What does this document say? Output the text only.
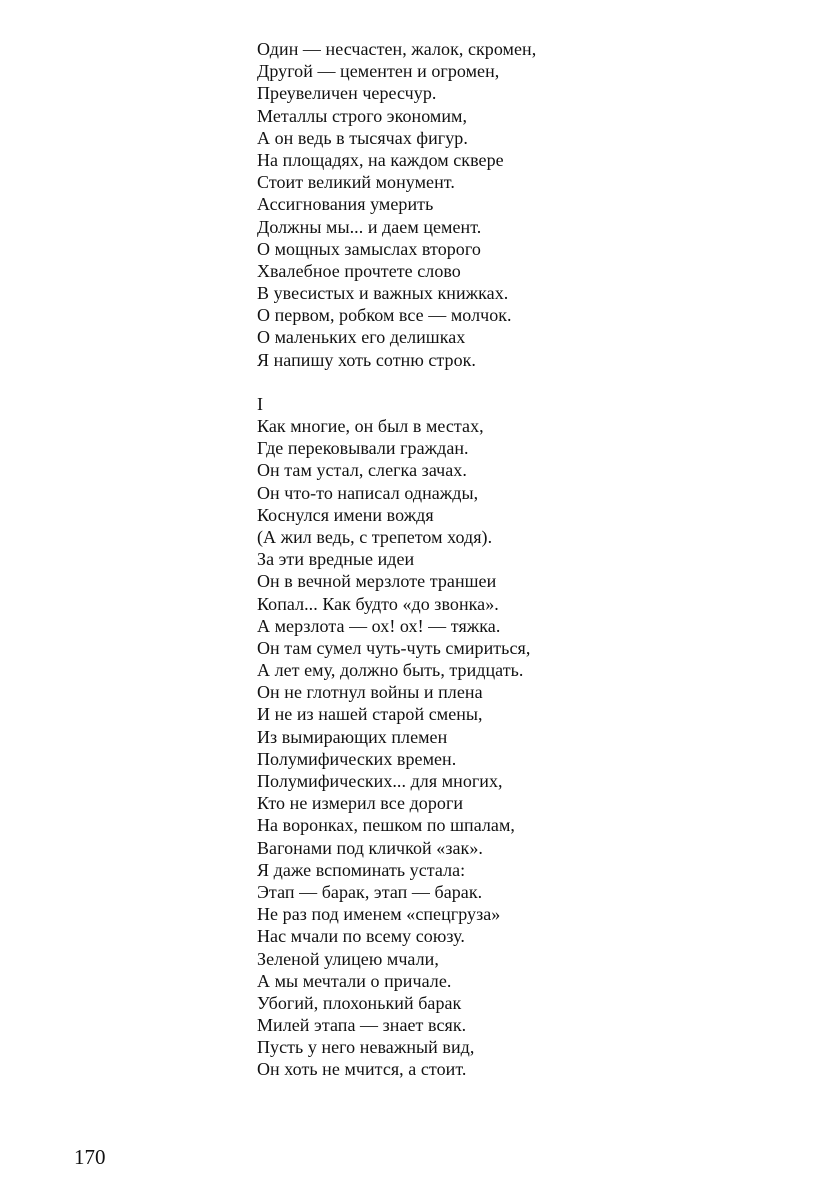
Один — несчастен, жалок, скромен,
Другой — цементен и огромен,
Преувеличен чересчур.
Металлы строго экономим,
А он ведь в тысячах фигур.
На площадях, на каждом сквере
Стоит великий монумент.
Ассигнования умерить
Должны мы... и даем цемент.
О мощных замыслах второго
Хвалебное прочтете слово
В увесистых и важных книжках.
О первом, робком все — молчок.
О маленьких его делишках
Я напишу хоть сотню строк.
I
Как многие, он был в местах,
Где перековывали граждан.
Он там устал, слегка зачах.
Он что-то написал однажды,
Коснулся имени вождя
(А жил ведь, с трепетом ходя).
За эти вредные идеи
Он в вечной мерзлоте траншеи
Копал... Как будто «до звонка».
А мерзлота — ох! ох! — тяжка.
Он там сумел чуть-чуть смириться,
А лет ему, должно быть, тридцать.
Он не глотнул войны и плена
И не из нашей старой смены,
Из вымирающих племен
Полумифических времен.
Полумифических... для многих,
Кто не измерил все дороги
На воронках, пешком по шпалам,
Вагонами под кличкой «зак».
Я даже вспоминать устала:
Этап — барак, этап — барак.
Не раз под именем «спецгруза»
Нас мчали по всему союзу.
Зеленой улицею мчали,
А мы мечтали о причале.
Убогий, плохонький барак
Милей этапа — знает всяк.
Пусть у него неважный вид,
Он хоть не мчится, а стоит.
170
